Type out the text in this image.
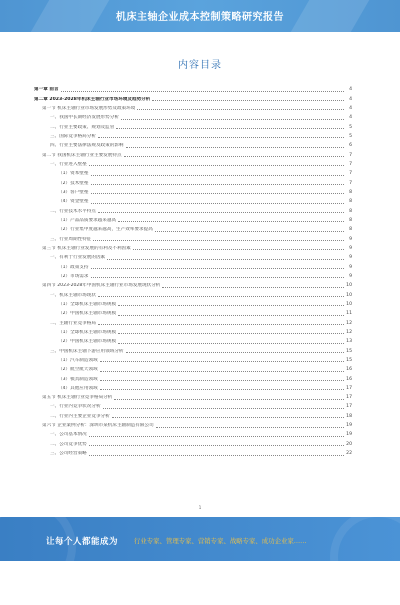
机床主轴企业成本控制策略研究报告
内容目录
第一章 前言	4
第二章 2023-2028年机床主轴行业市场环境及趋势分析	4
第一节 机床主轴行业市场发展形势及政策环境	4
一、我国中长期经济发展形势分析	4
二、行业主要政策、规划及监管	5
三、国际竞争格局分析	5
四、行业主要法律法规及政策的影响	6
第二节 我国机床主轴行业主要发展特点	7
一、行业进入壁垒	7
（1）资本壁垒	7
（2）技术壁垒	7
（3）客户壁垒	8
（4）资金壁垒	8
二、行业技术水平特点	8
（1）产品品质要求越来越高	8
（2）行业集中度越来越高，生产效率要求提高	8
三、行业周期性特征	9
第三节 机床主轴行业发展的有利及不利因素	9
一、有利于行业发展的因素	9
（1）政策支持	9
（2）市场需求	9
第四节 2023-2028年中国机床主轴行业市场发展现状分析	10
一、机床主轴市场现状	10
（1）全球机床主轴市场规模	10
（2）中国机床主轴市场规模	11
二、主轴行业竞争格局	12
（1）全球机床主轴市场规模	12
（2）中国机床主轴市场规模	13
三、中国机床主轴下游应用领域分析	15
（1）汽车制造领域	15
（2）航空航天领域	16
（3）模具制造领域	16
（4）其他应用领域	17
第五节 机床主轴行业竞争格局分析	17
一、行业内竞争状况分析	17
二、行业内主要企业竞争分析	18
第六节 企业案例分析：深圳市某机床主轴制造有限公司	19
一、公司基本情况	19
二、公司竞争优势	20
三、公司经营策略	22
1
让每个人都能成为 行业专家、管理专家、营销专家、战略专家、成功企业家……
